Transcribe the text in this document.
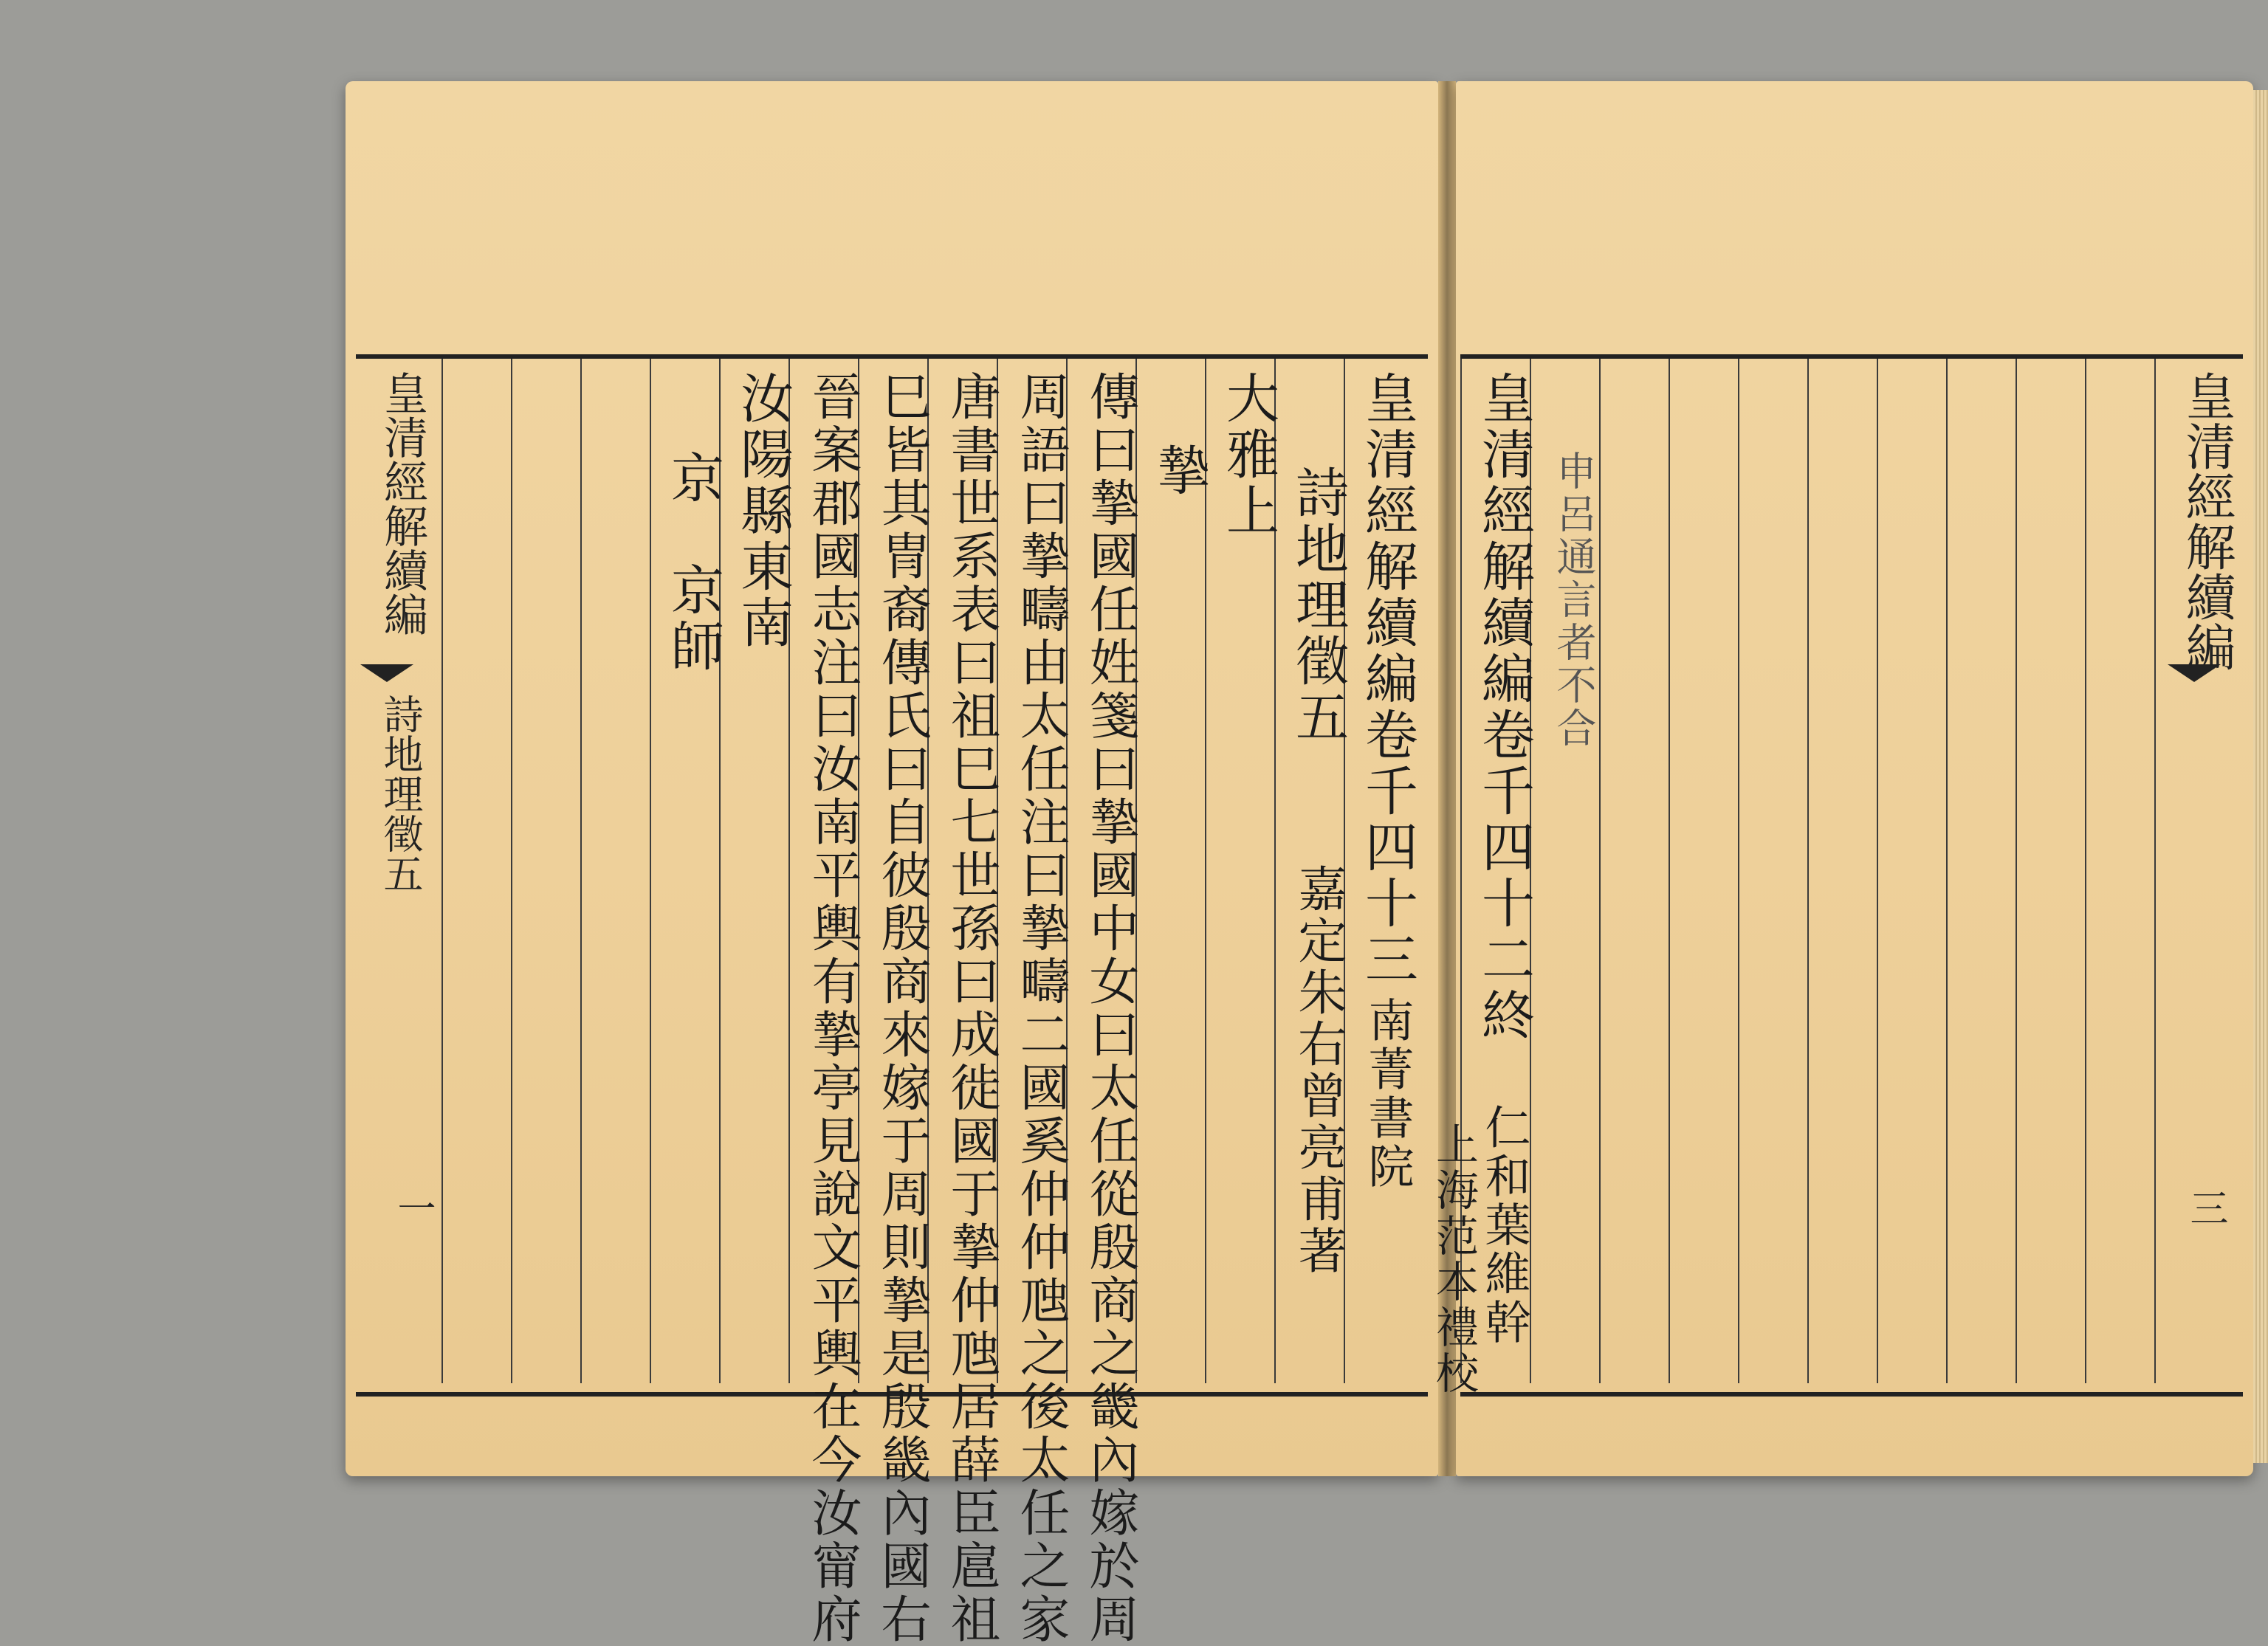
皇清經解續編
詩地理徵五
一
皇清經解續編卷千四十三
詩地理徵五
南菁書院
嘉定朱右曾亮甫著
大雅上
摯
傳曰摯國任姓箋曰摯國中女曰太任從殷商之畿內嫁於周
周語曰摯疇由太任注曰摯疇二國奚仲仲虺之後太任之家
唐書世系表曰祖巳七世孫曰成徙國于摯仲虺居薛臣扈祖
巳皆其冑裔傳氏曰自彼殷商來嫁于周則摯是殷畿內國右
晉案郡國志注曰汝南平輿有摯亭見說文平輿在今汝甯府
汝陽縣東南
京　京師	皇清經解續編卷千四十二終
仁和葉維幹
上海范本禮校
申呂通言者不合	皇清經解續編
三
